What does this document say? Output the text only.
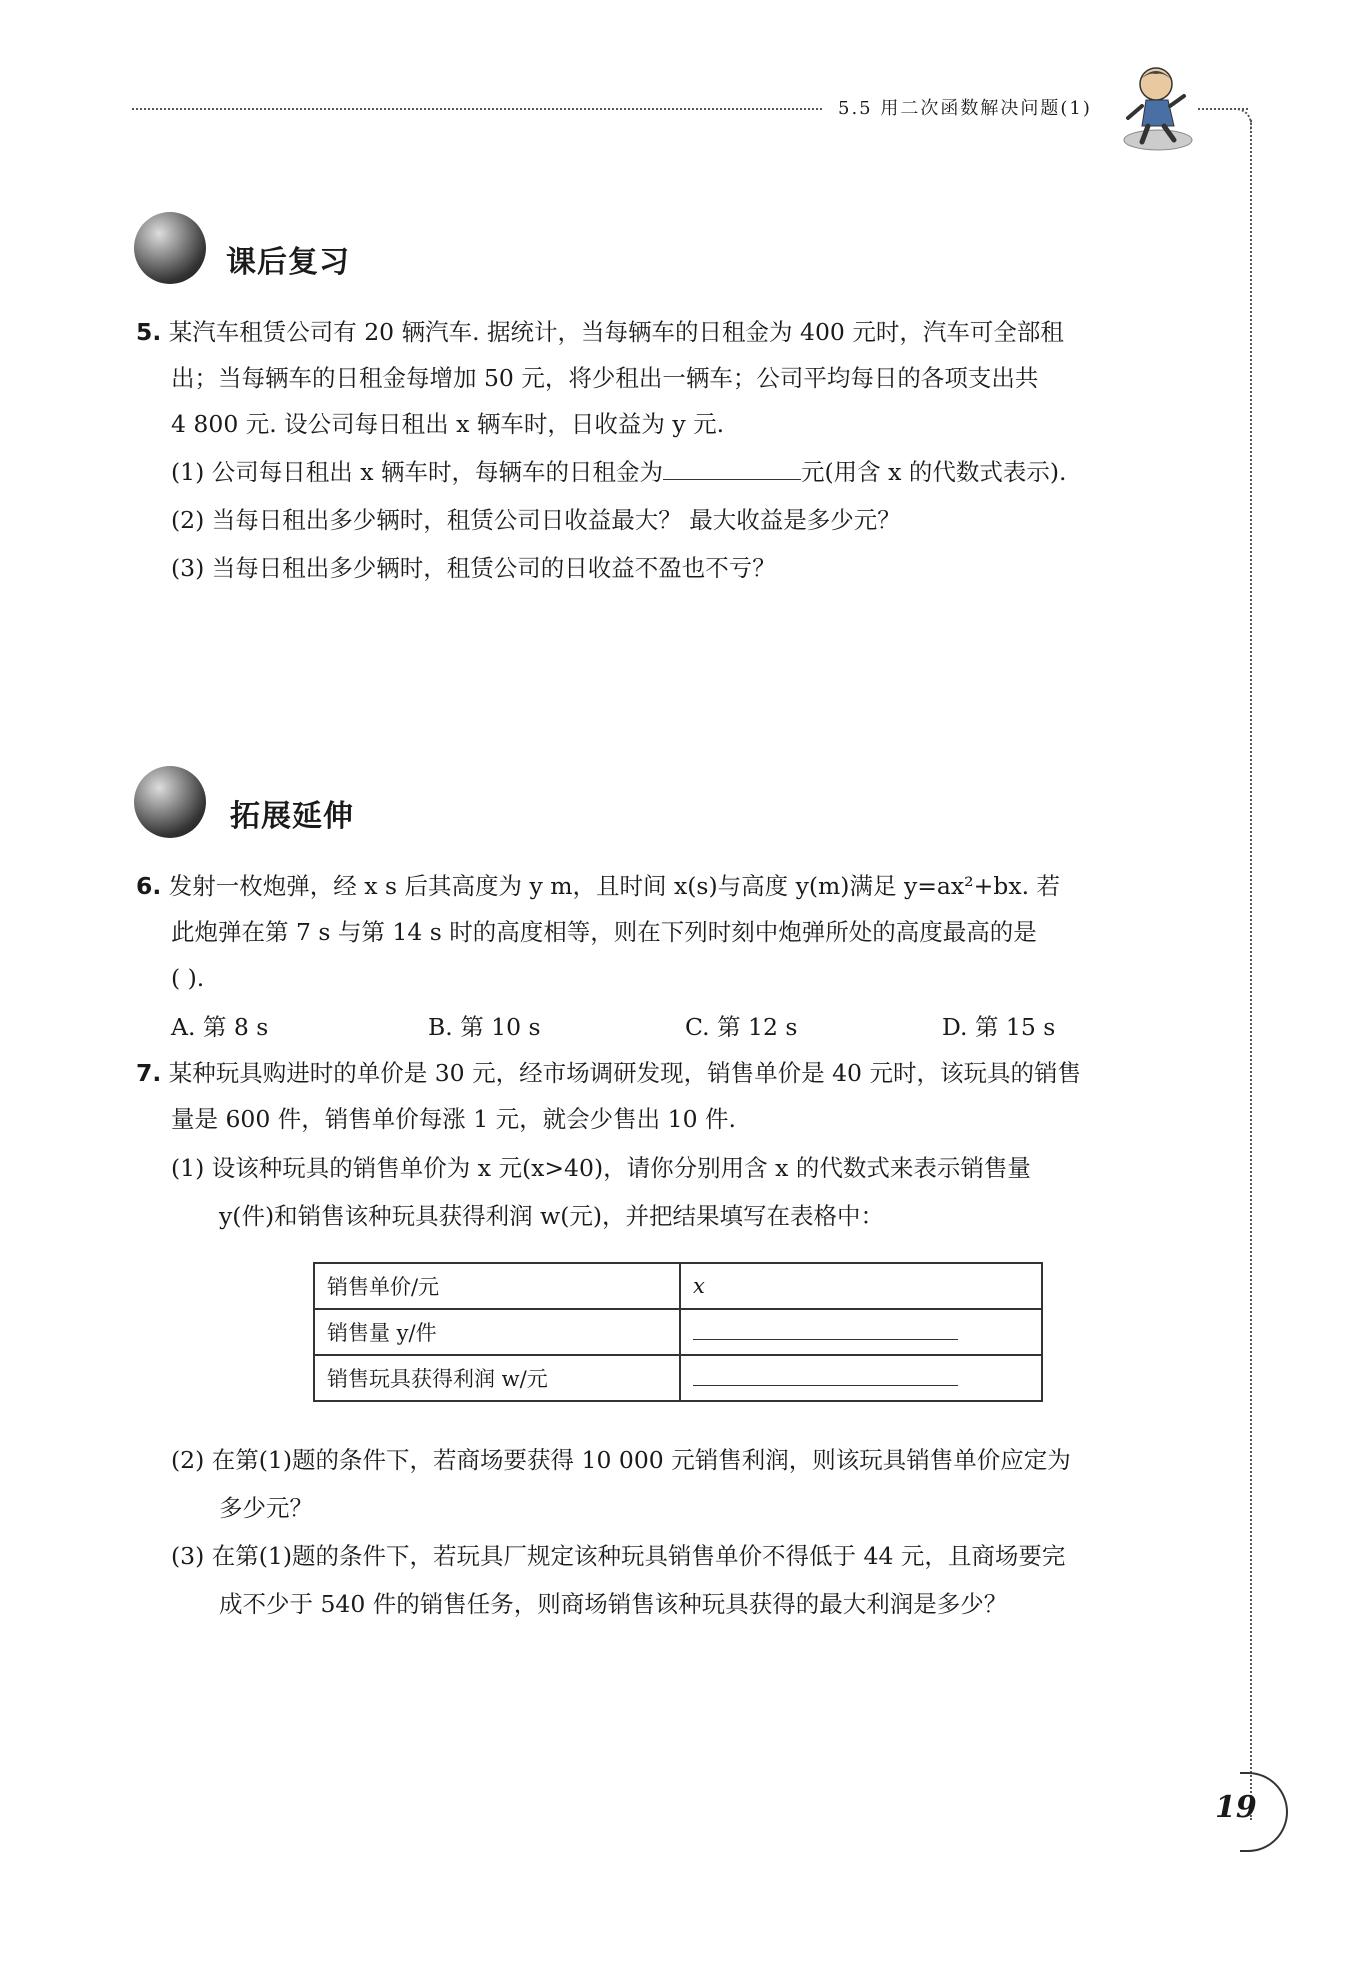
5.5 用二次函数解决问题(1)
课后复习
5. 某汽车租赁公司有 20 辆汽车. 据统计，当每辆车的日租金为 400 元时，汽车可全部租
出；当每辆车的日租金每增加 50 元，将少租出一辆车；公司平均每日的各项支出共
4 800 元. 设公司每日租出 x 辆车时，日收益为 y 元.
(1) 公司每日租出 x 辆车时，每辆车的日租金为	元(用含 x 的代数式表示).
(2) 当每日租出多少辆时，租赁公司日收益最大？ 最大收益是多少元？
(3) 当每日租出多少辆时，租赁公司的日收益不盈也不亏？
拓展延伸
6. 发射一枚炮弹，经 x s 后其高度为 y m，且时间 x(s)与高度 y(m)满足 y=ax²+bx. 若
此炮弹在第 7 s 与第 14 s 时的高度相等，则在下列时刻中炮弹所处的高度最高的是
( ).
A. 第 8 s	B. 第 10 s	C. 第 12 s	D. 第 15 s
7. 某种玩具购进时的单价是 30 元，经市场调研发现，销售单价是 40 元时，该玩具的销售
量是 600 件，销售单价每涨 1 元，就会少售出 10 件.
(1) 设该种玩具的销售单价为 x 元(x>40)，请你分别用含 x 的代数式来表示销售量
y(件)和销售该种玩具获得利润 w(元)，并把结果填写在表格中：
销售单价/元	x
销售量 y/件	
销售玩具获得利润 w/元	
(2) 在第(1)题的条件下，若商场要获得 10 000 元销售利润，则该玩具销售单价应定为
多少元？
(3) 在第(1)题的条件下，若玩具厂规定该种玩具销售单价不得低于 44 元，且商场要完
成不少于 540 件的销售任务，则商场销售该种玩具获得的最大利润是多少？
19
